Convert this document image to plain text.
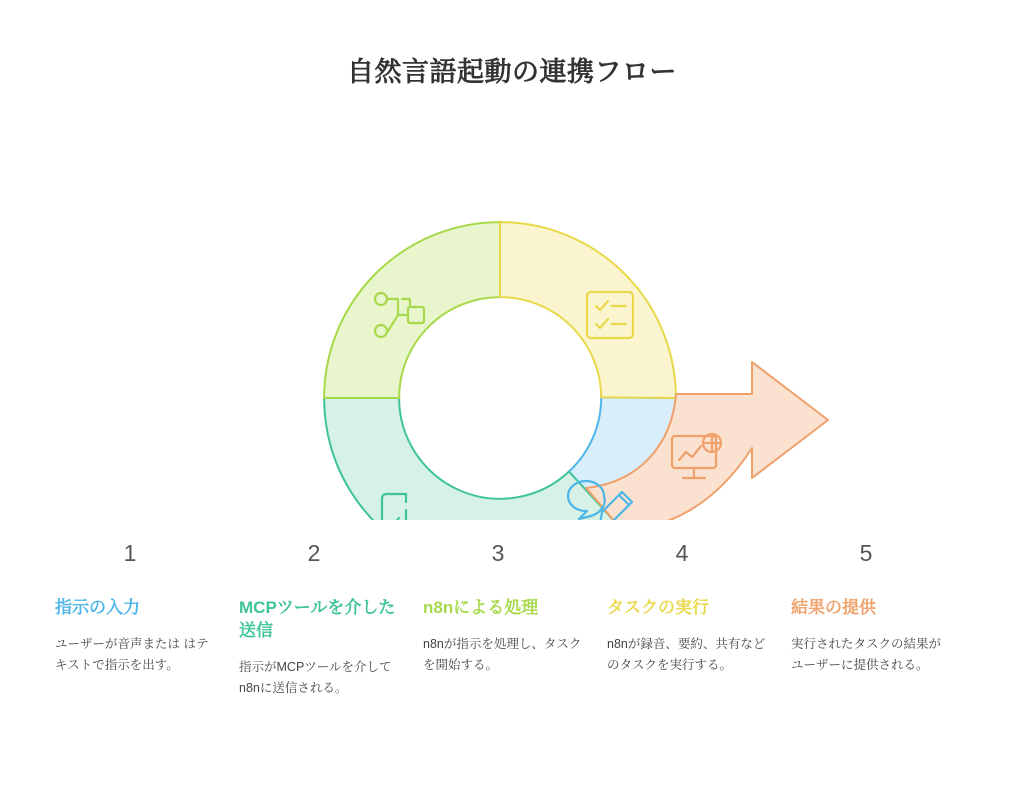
自然言語起動の連携フロー
1
指示の入力
ユーザーが音声または はテキストで指示を出す。
2
MCPツールを介した送信
指示がMCPツールを介してn8nに送信される。
3
n8nによる処理
n8nが指示を処理し、タスクを開始する。
4
タスクの実行
n8nが録音、要約、共有などのタスクを実行する。
5
結果の提供
実行されたタスクの結果がユーザーに提供される。
